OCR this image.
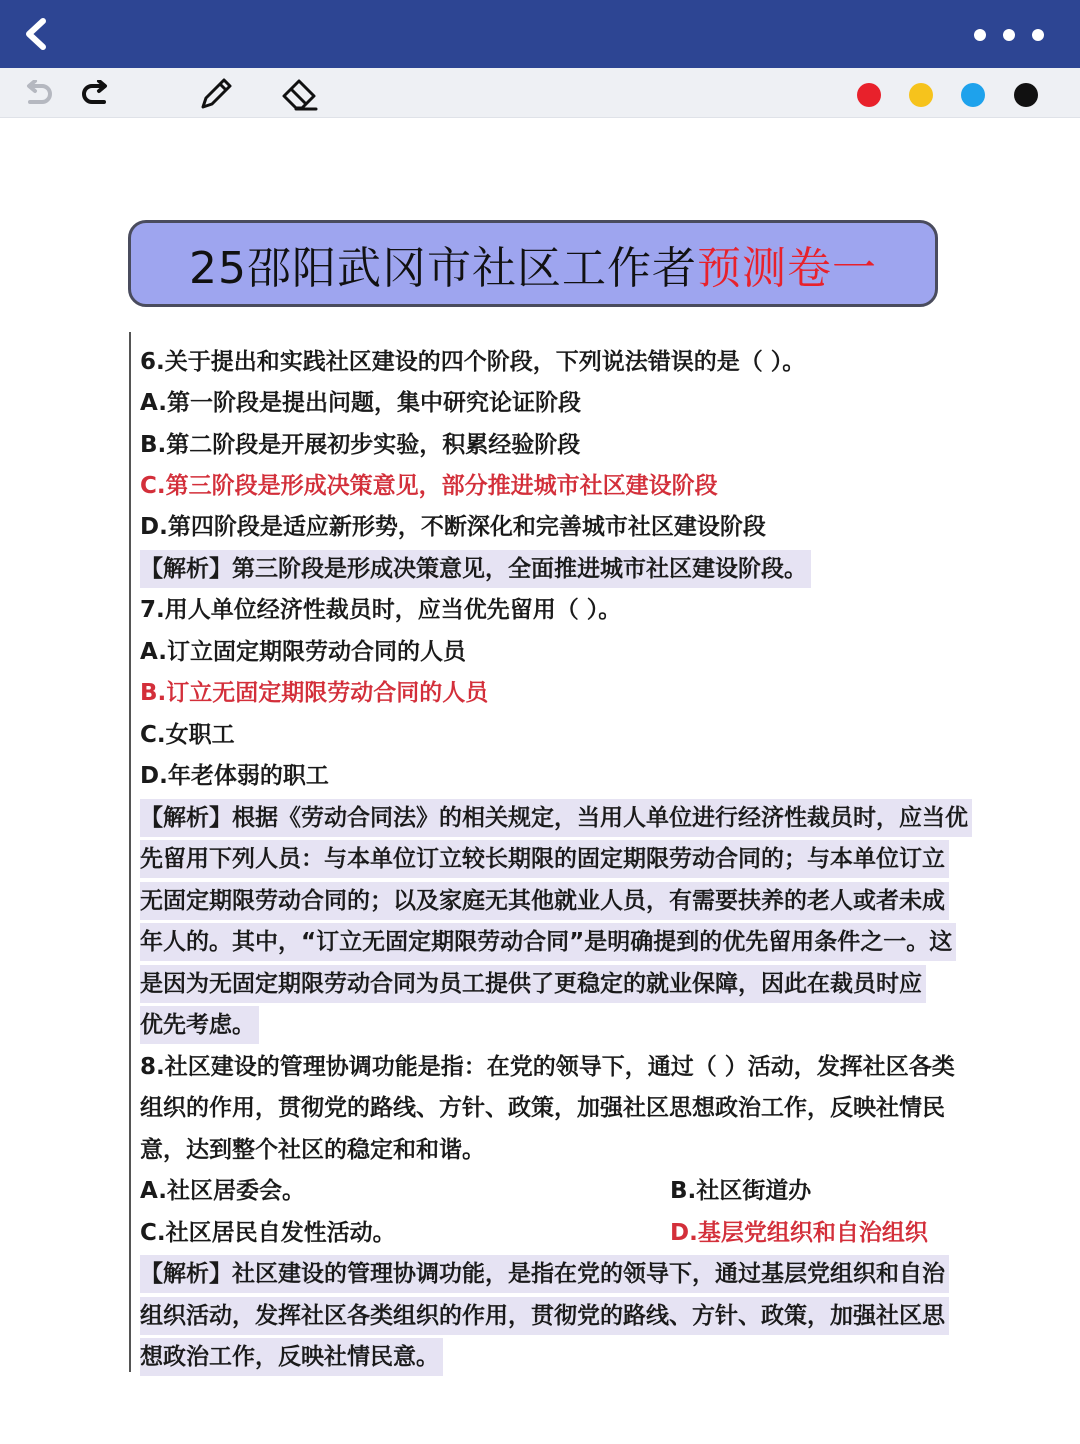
25邵阳武冈市社区工作者预测卷一
6.关于提出和实践社区建设的四个阶段，下列说法错误的是（ ）。
A.第一阶段是提出问题，集中研究论证阶段
B.第二阶段是开展初步实验，积累经验阶段
C.第三阶段是形成决策意见，部分推进城市社区建设阶段
D.第四阶段是适应新形势，不断深化和完善城市社区建设阶段
【解析】第三阶段是形成决策意见，全面推进城市社区建设阶段。
7.用人单位经济性裁员时，应当优先留用（ ）。
A.订立固定期限劳动合同的人员
B.订立无固定期限劳动合同的人员
C.女职工
D.年老体弱的职工
【解析】根据《劳动合同法》的相关规定，当用人单位进行经济性裁员时，应当优
先留用下列人员：与本单位订立较长期限的固定期限劳动合同的；与本单位订立
无固定期限劳动合同的；以及家庭无其他就业人员，有需要扶养的老人或者未成
年人的。其中，“订立无固定期限劳动合同”是明确提到的优先留用条件之一。这
是因为无固定期限劳动合同为员工提供了更稳定的就业保障，因此在裁员时应
优先考虑。
8.社区建设的管理协调功能是指：在党的领导下，通过（ ）活动，发挥社区各类
组织的作用，贯彻党的路线、方针、政策，加强社区思想政治工作，反映社情民
意，达到整个社区的稳定和和谐。
A.社区居委会。	B.社区街道办
C.社区居民自发性活动。	D.基层党组织和自治组织
【解析】社区建设的管理协调功能，是指在党的领导下，通过基层党组织和自治
组织活动，发挥社区各类组织的作用，贯彻党的路线、方针、政策，加强社区思
想政治工作，反映社情民意。
